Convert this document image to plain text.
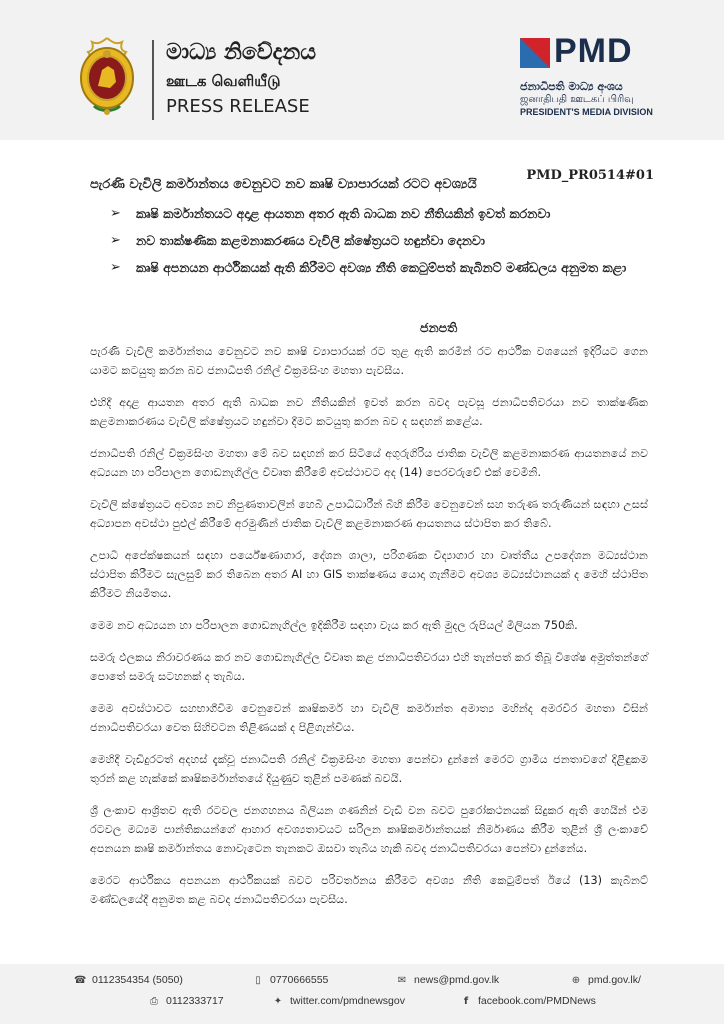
මාධ්‍ය නිවේදනය
ஊடக வெளியீடு
PRESS RELEASE
PMD
ජනාධිපති මාධ්‍ය අංශය
ஜனாதிபதி ஊடகப் பிரிவு
PRESIDENT'S MEDIA DIVISION
PMD_PR0514#01
පැරණි වැවිලි කර්මාන්තය වෙනුවට නව කෘෂි ව්‍යාපාරයක් රටට අවශ්‍යයි
➢ කෘෂි කර්මාන්තයට අදාළ ආයතන අතර ඇති බාධක නව නීතියකින් ඉවත් කරනවා
➢ නව තාක්ෂණික කළමනාකරණය වැවිලි ක්ෂේත්‍රයට හඳුන්වා දෙනවා
➢ කෘෂි අපනයන ආර්ථිකයක් ඇති කිරීමට අවශ්‍ය නීති කෙටුම්පත් කැබිනට් මණ්ඩලය අනුමත කළා
ජනපති

පැරණි වැවිලි කර්මාන්තය වෙනුවට නව කෘෂි ව්‍යාපාරයක් රට තුළ ඇති කරමින් රට ආර්ථික වශයෙන් ඉදිරියට ගෙන යාමට කටයුතු කරන බව ජනාධිපති රනිල් වික්‍රමසිංහ මහතා පැවසීය.

එහිදී අදාළ ආයතන අතර ඇති බාධක නව නීතියකින් ඉවත් කරන බවද පැවසූ ජනාධිපතිවරයා නව තාක්ෂණික කළමනාකරණය වැවිලි ක්ෂේත්‍රයට හඳුන්වා දීමට කටයුතු කරන බව ද සඳහන් කළේය.

ජනාධිපති රනිල් වික්‍රමසිංහ මහතා මේ බව සඳහන් කර සිටියේ අගුරුගිරිය ජාතික වැවිලි කළමනාකරණ ආයතනයේ නව අධ්‍යයන හා පරිපාලන ගොඩනැගිල්ල විවෘත කිරීමේ අවස්ථාවට අද (14) පෙරවරුවේ එක් වෙමිනි.

වැවිලි ක්ෂේත්‍රයට අවශ්‍ය නව නිපුණතාවලින් හෙබි උපාධිධාරීන් බිහි කිරීම වෙනුවෙන් සහ තරුණ තරුණියන් සඳහා උසස් අධ්‍යාපන අවස්ථා පුළුල් කිරීමේ අරමුණින් ජාතික වැවිලි කළමනාකරණ ආයතනය ස්ථාපිත කර තිබේ.

උපාධි අපේක්ෂකයන් සඳහා පර්යේෂණාගාර, දේශන ශාලා, පරිගණක විද්‍යාගාර හා වෘත්තීය උපදේශන මධ්‍යස්ථාන ස්ථාපිත කිරීමට සැලසුම් කර තිබෙන අතර AI හා GIS තාක්ෂණය යොදා ගැනීමට අවශ්‍ය මධ්‍යස්ථානයක් ද මෙහි ස්ථාපිත කිරීමට නියමිතය.

මෙම නව අධ්‍යයන හා පරිපාලන ගොඩනැගිල්ල ඉදිකිරීම සඳහා වැය කර ඇති මුදල රුපියල් මිලියන 750කි.

සමරු ඵලකය නිරාවරණය කර නව ගොඩනැගිල්ල විවෘත කළ ජනාධිපතිවරයා එහි තැන්පත් කර තිබූ විශේෂ අමුත්තන්ගේ පොතේ සමරු සටහනක් ද තැබීය.

මෙම අවස්ථාවට සහභාගීවීම වෙනුවෙන් කෘෂිකර්ම හා වැවිලි කර්මාන්ත අමාත්‍ය මහින්ද අමරවීර මහතා විසින් ජනාධිපතිවරයා වෙත සිහිවටන තිළිණයක් ද පිළිගැන්විය.

මෙහිදී වැඩිදුරටත් අදහස් දැක්වූ ජනාධිපති රනිල් වික්‍රමසිංහ මහතා පෙන්වා දුන්නේ මෙරට ග්‍රාමීය ජනතාවගේ දිළිඳුකම තුරන් කළ හැක්කේ කෘෂිකර්මාන්තයේ දියුණුව තුළින් පමණක් බවයි.

ශ්‍රී ලංකාව ආශ්‍රිතව ඇති රටවල ජනගහනය බිලියන ගණනින් වැඩි වන බවට පුරෝකථනයක් සිදුකර ඇති හෙයින් එම රටවල මධ්‍යම පාන්තිකයන්ගේ ආහාර අවශ්‍යතාවයට සරිලන කෘෂිකර්මාන්තයක් නිර්මාණය කිරීම තුළින් ශ්‍රී ලංකාවේ අපනයන කෘෂි කර්මාන්තය නොවැටෙන තැනකට ඔසවා තැබිය හැකි බවද ජනාධිපතිවරයා පෙන්වා දුන්නේය.

මෙරට ආර්ථිකය අපනයන ආර්ථිකයක් බවට පරිවර්තනය කිරීමට අවශ්‍ය නීති කෙටුම්පත් ඊයේ (13) කැබිනට් මණ්ඩලයේදී අනුමත කළ බවද ජනාධිපතිවරයා පැවසීය.

☎ 0112354354 (5050)	▯ 0770666555	✉ news@pmd.gov.lk	⊕ pmd.gov.lk/
⎙ 0112333717	✦ twitter.com/pmdnewsgov	f facebook.com/PMDNews
